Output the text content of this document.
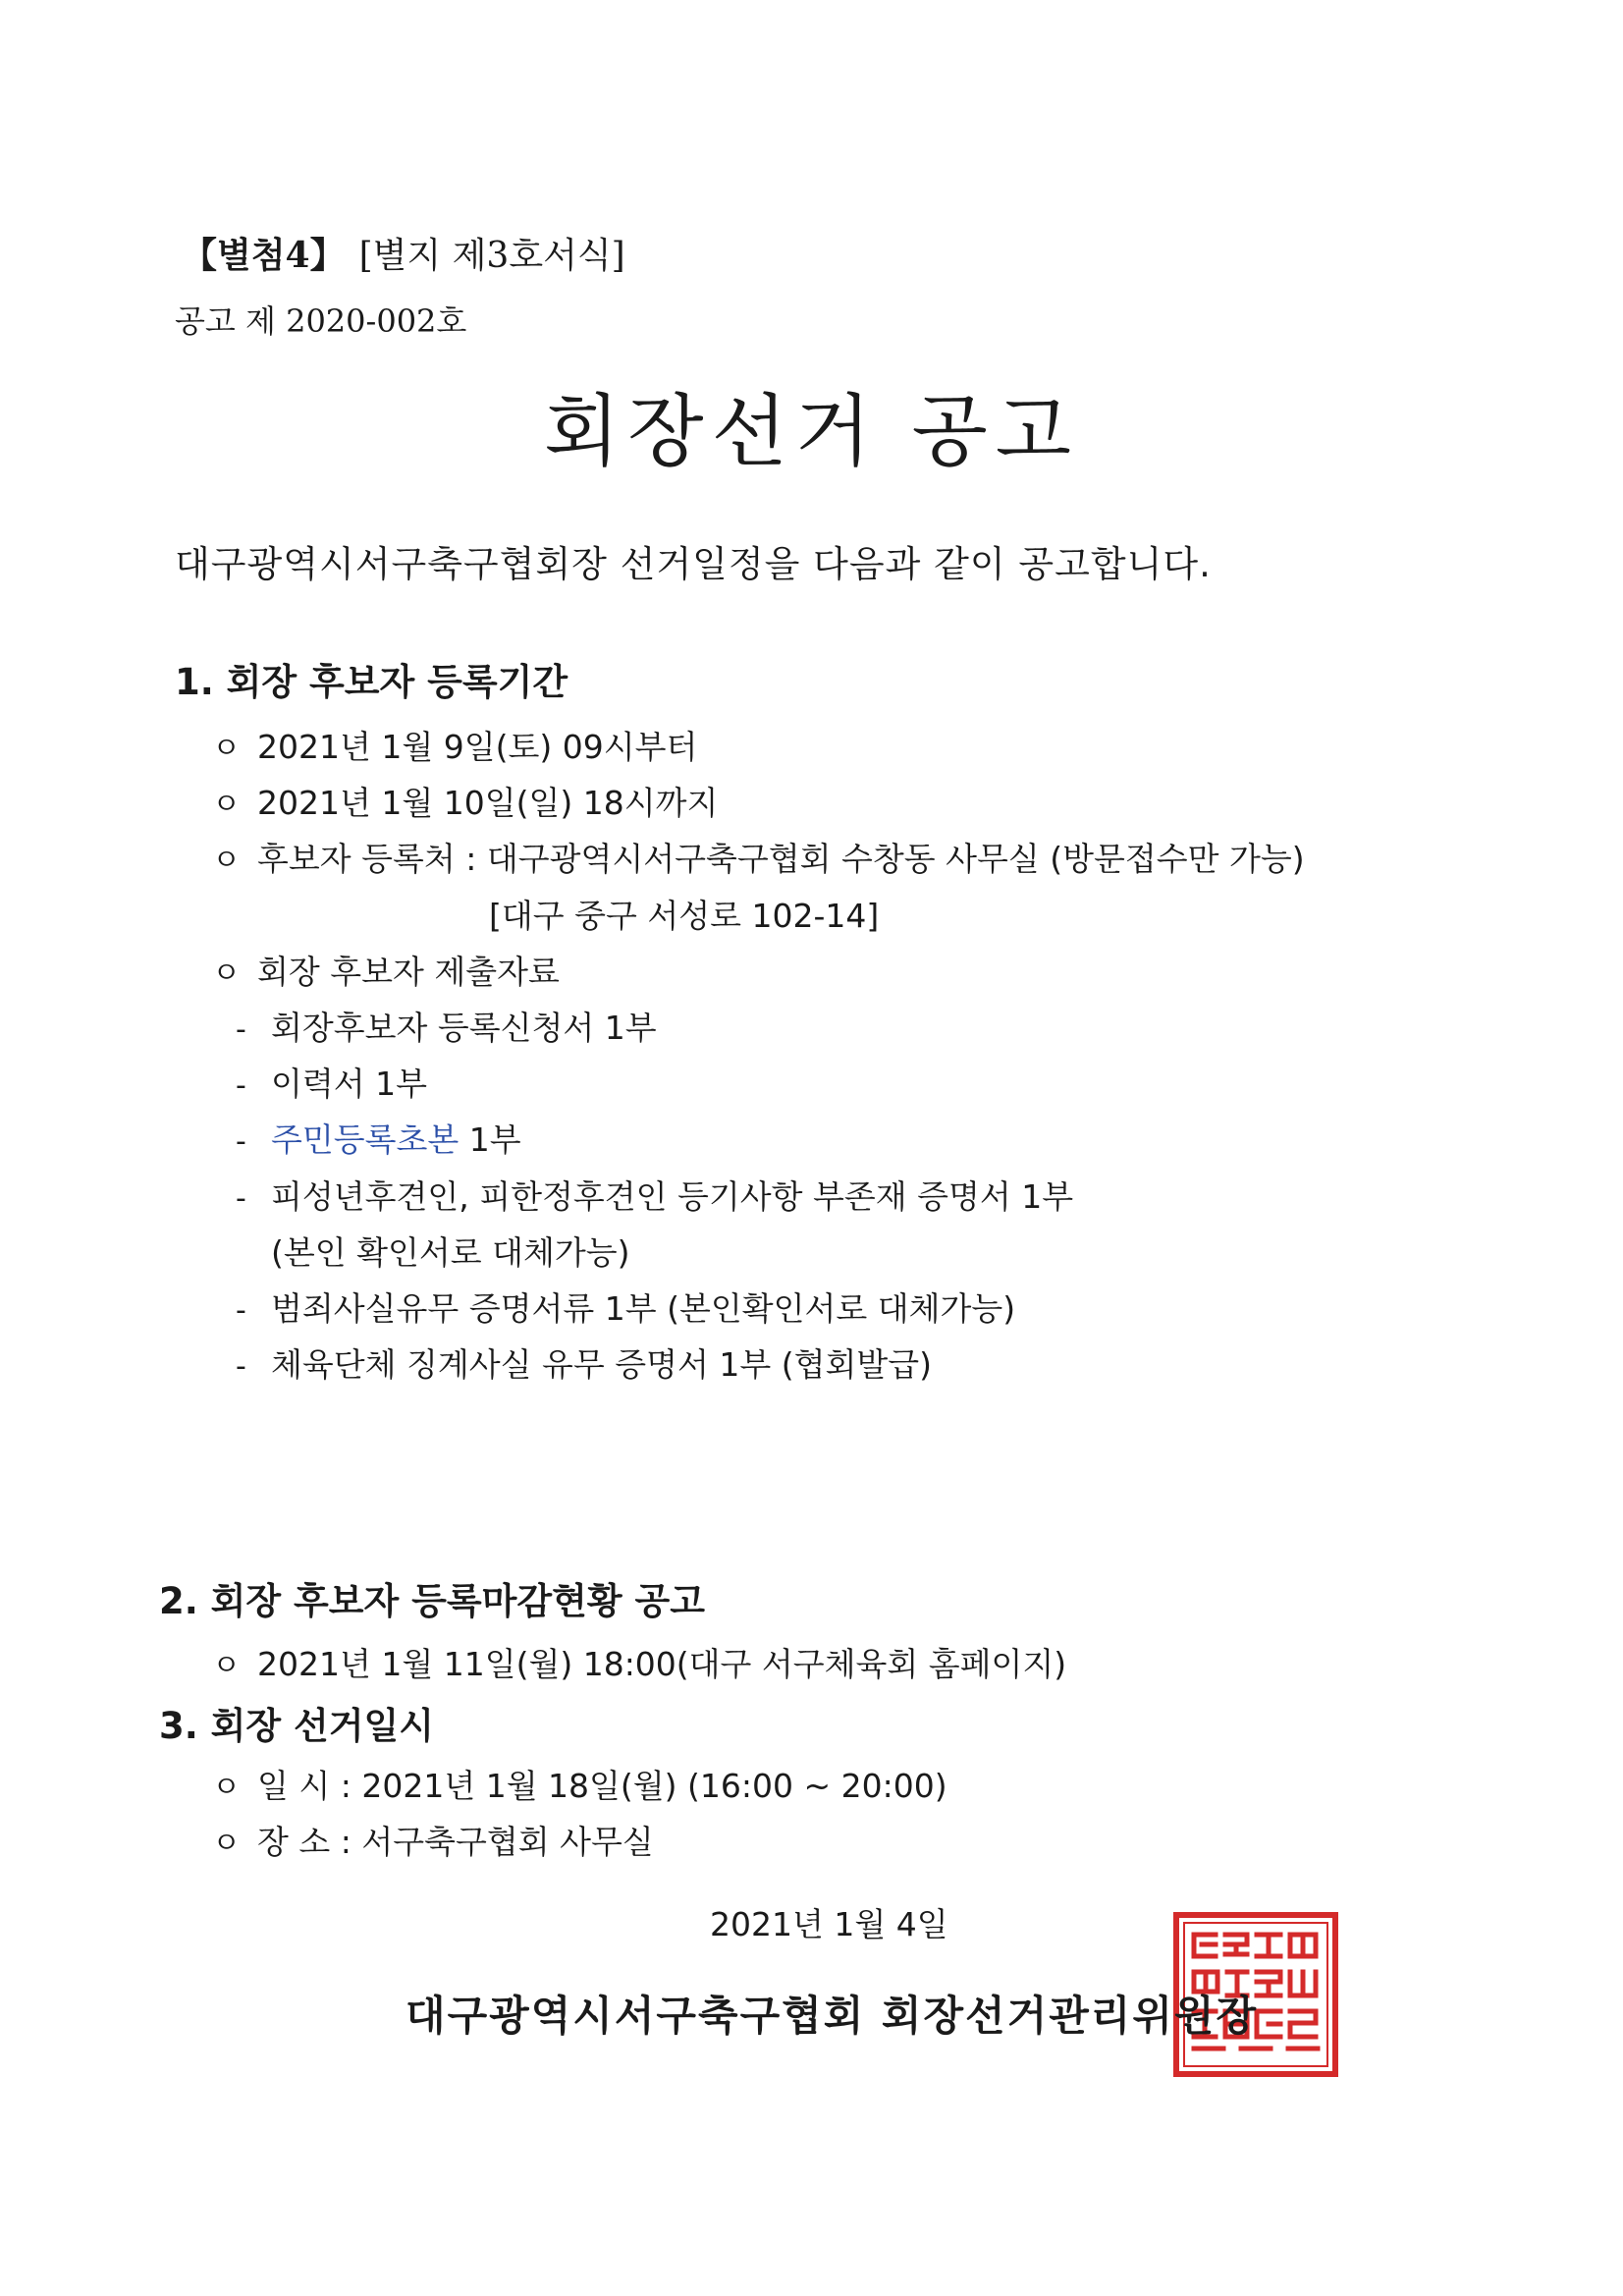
【별첨4】 [별지 제3호서식]
공고 제 2020-002호
회장선거 공고
대구광역시서구축구협회장 선거일정을 다음과 같이 공고합니다.
1. 회장 후보자 등록기간
ㅇ 2021년 1월 9일(토) 09시부터
ㅇ 2021년 1월 10일(일) 18시까지
ㅇ 후보자 등록처 : 대구광역시서구축구협회 수창동 사무실 (방문접수만 가능)
[대구 중구 서성로 102-14]
ㅇ 회장 후보자 제출자료
- 회장후보자 등록신청서 1부
- 이력서 1부
- 주민등록초본 1부
- 피성년후견인, 피한정후견인 등기사항 부존재 증명서 1부
(본인 확인서로 대체가능)
- 범죄사실유무 증명서류 1부 (본인확인서로 대체가능)
- 체육단체 징계사실 유무 증명서 1부 (협회발급)
2. 회장 후보자 등록마감현황 공고
ㅇ 2021년 1월 11일(월) 18:00(대구 서구체육회 홈페이지)
3. 회장 선거일시
ㅇ 일 시 : 2021년 1월 18일(월) (16:00 ~ 20:00)
ㅇ 장 소 : 서구축구협회 사무실
2021년 1월 4일
대구광역시서구축구협회 회장선거관리위원장
